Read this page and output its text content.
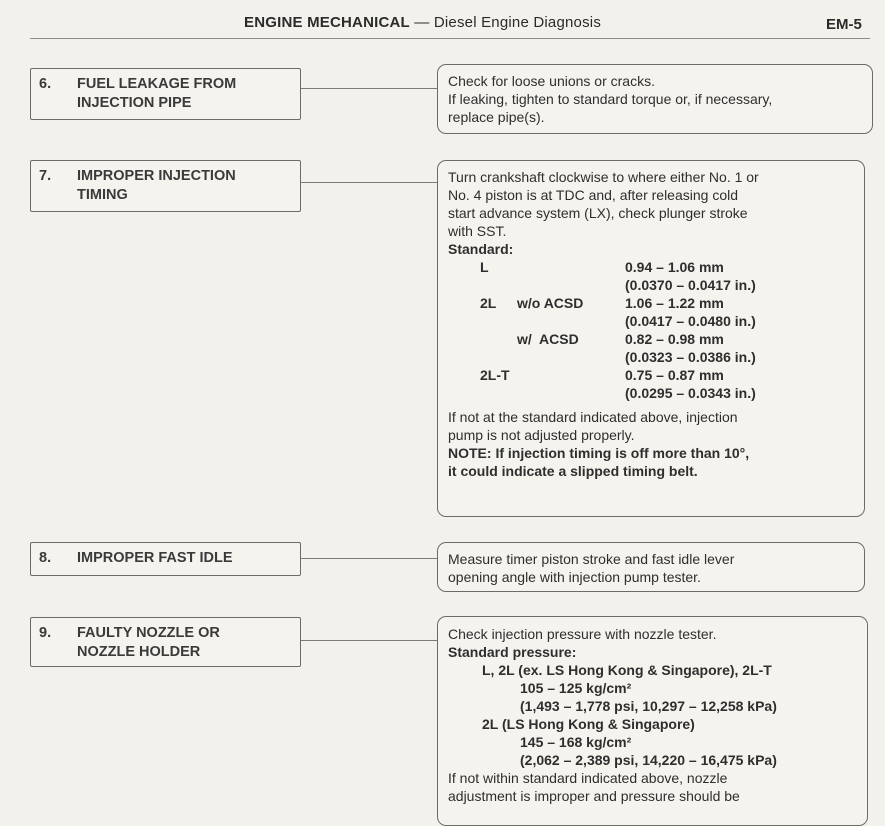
ENGINE MECHANICAL — Diesel Engine Diagnosis	EM-5
6. FUEL LEAKAGE FROM
INJECTION PIPE

Check for loose unions or cracks.

If leaking, tighten to standard torque or, if necessary,

replace pipe(s).

7. IMPROPER INJECTION
TIMING

Turn crankshaft clockwise to where either No. 1 or

No. 4 piston is at TDC and, after releasing cold

start advance system (LX), check plunger stroke

with SST.

Standard:

L	0.94 – 1.06 mm
(0.0370 – 0.0417 in.)
2L w/o ACSD	1.06 – 1.22 mm
(0.0417 – 0.0480 in.)
w/  ACSD	0.82 – 0.98 mm
(0.0323 – 0.0386 in.)
2L-T	0.75 – 0.87 mm
(0.0295 – 0.0343 in.)

If not at the standard indicated above, injection

pump is not adjusted properly.

NOTE: If injection timing is off more than 10°,

it could indicate a slipped timing belt.

8. IMPROPER FAST IDLE	Measure timer piston stroke and fast idle lever

opening angle with injection pump tester.

9. FAULTY NOZZLE OR
NOZZLE HOLDER

Check injection pressure with nozzle tester.

Standard pressure:

L, 2L (ex. LS Hong Kong & Singapore), 2L-T

105 – 125 kg/cm²

(1,493 – 1,778 psi, 10,297 – 12,258 kPa)

2L (LS Hong Kong & Singapore)

145 – 168 kg/cm²

(2,062 – 2,389 psi, 14,220 – 16,475 kPa)

If not within standard indicated above, nozzle

adjustment is improper and pressure should be
